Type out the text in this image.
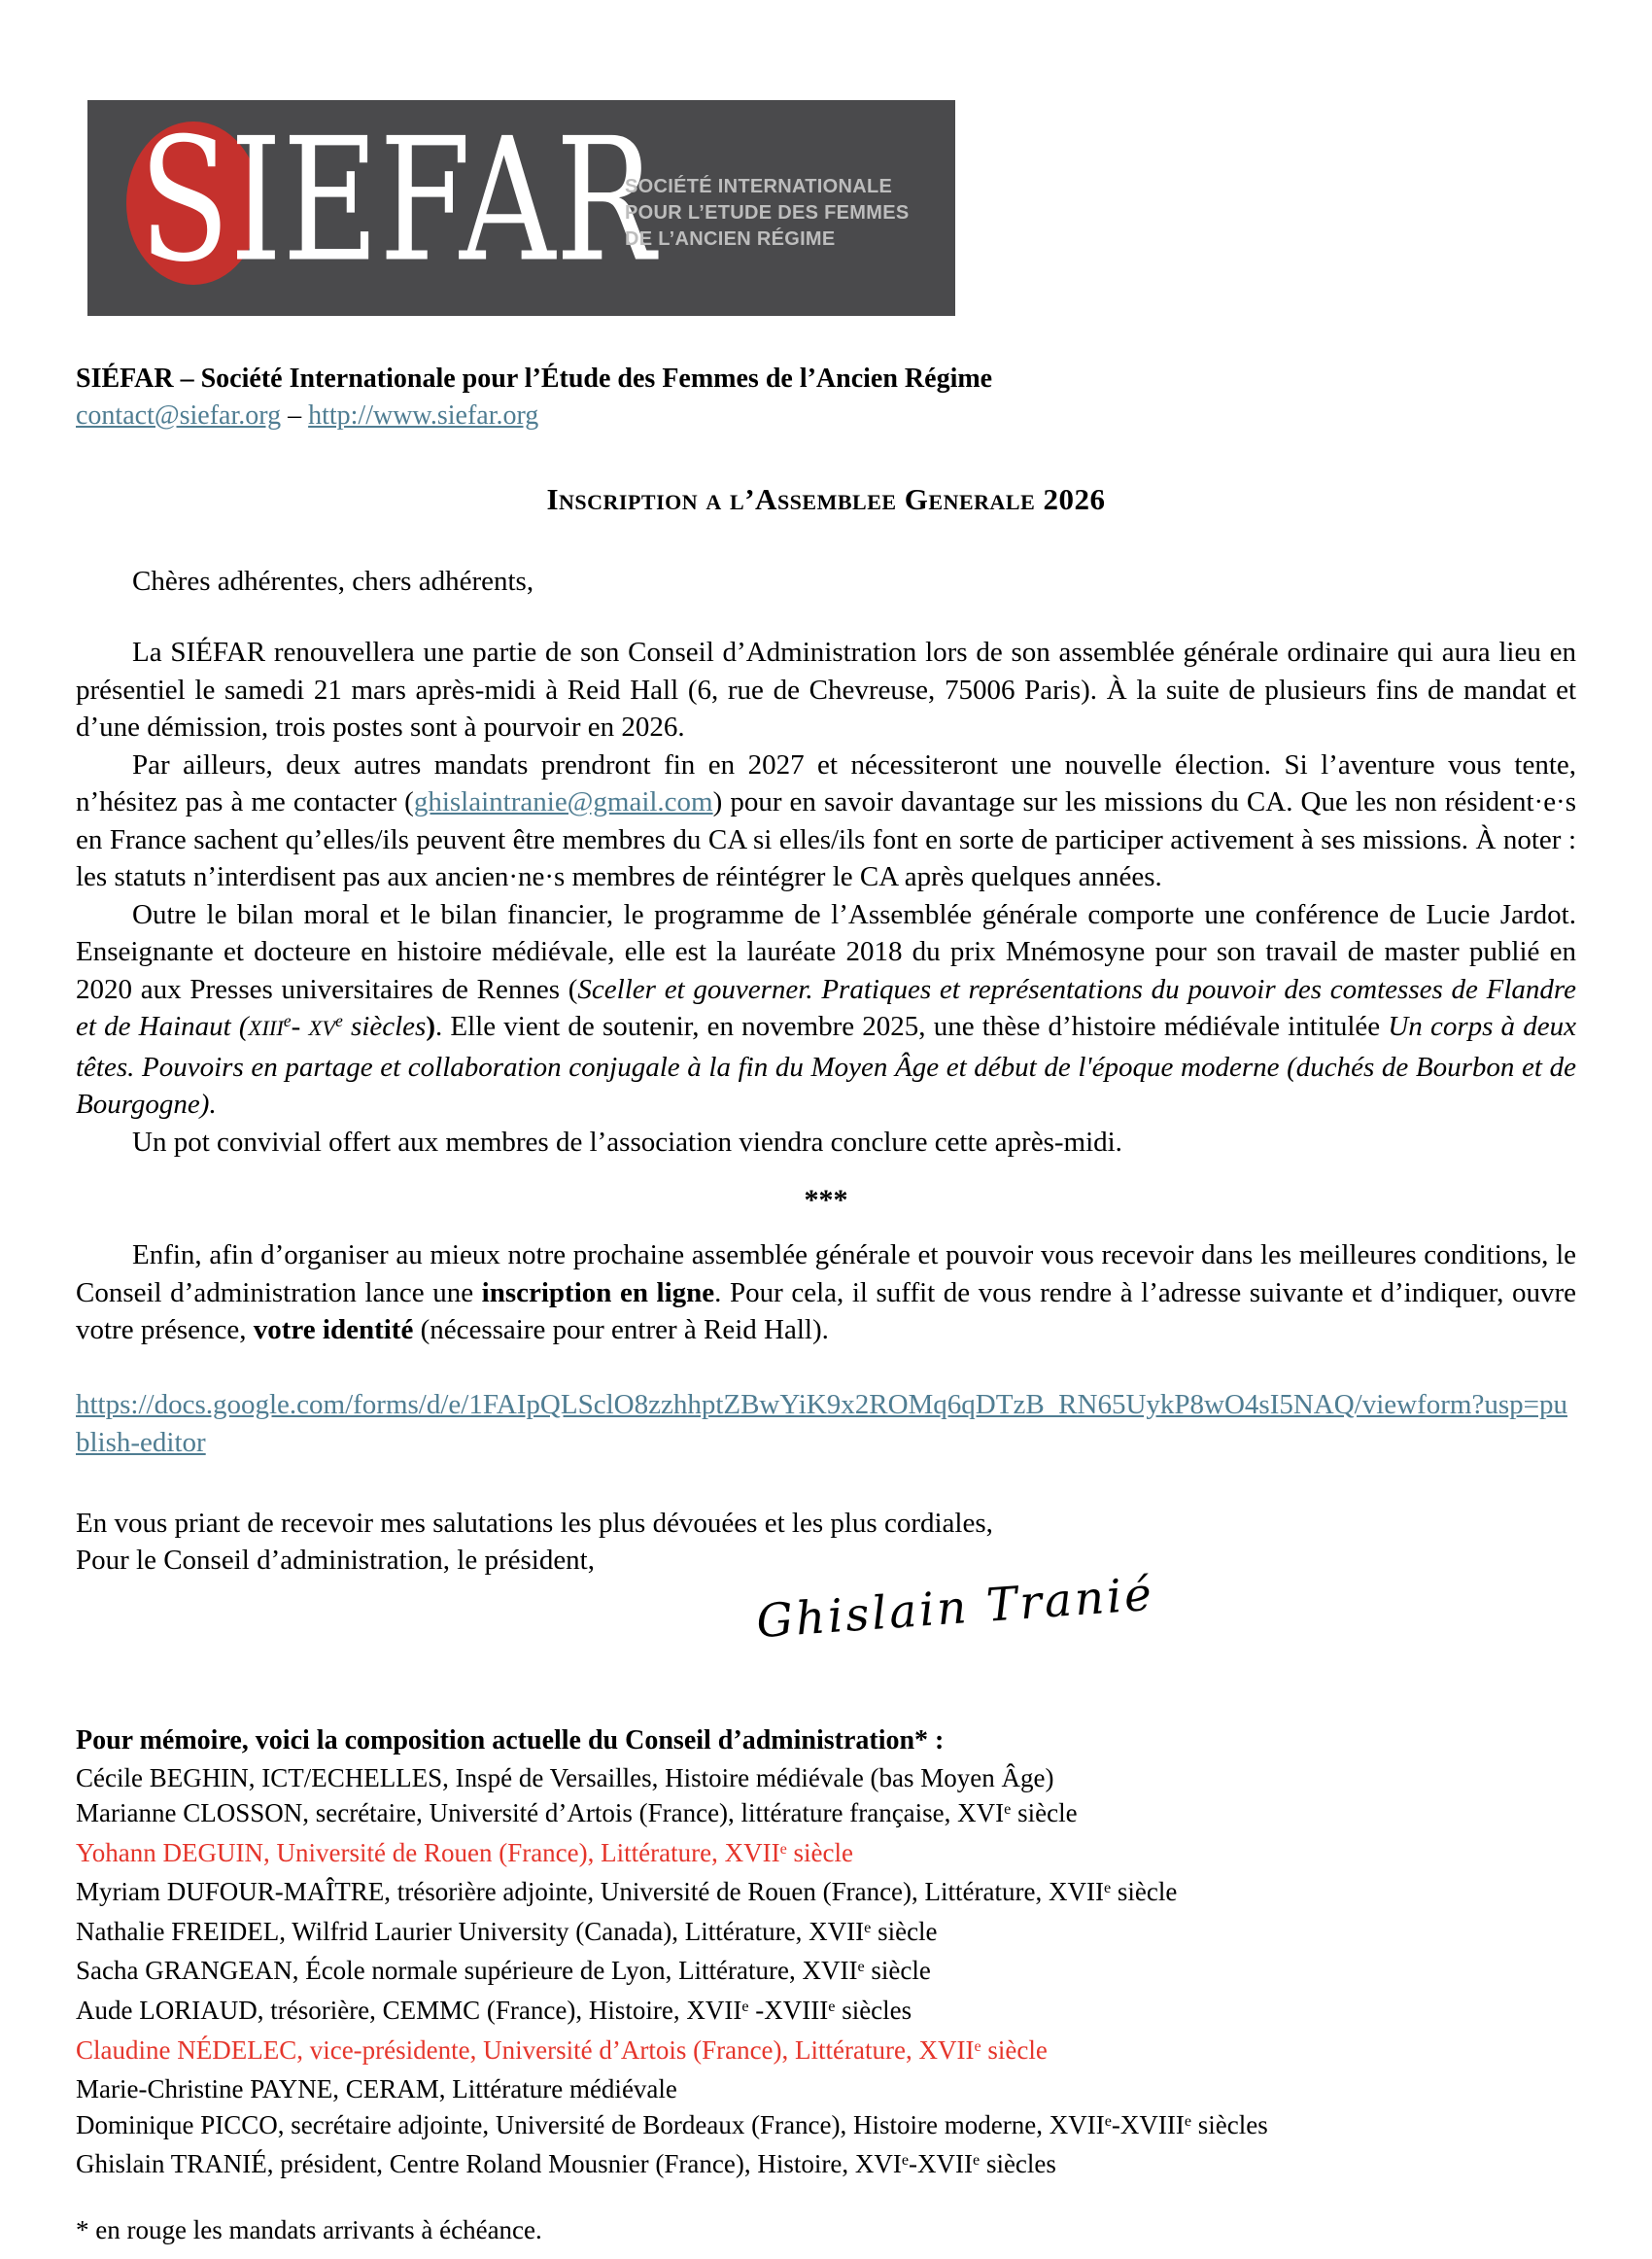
SIEFAR
SOCIÉTÉ INTERNATIONALE
POUR L’ETUDE DES FEMMES
DE L’ANCIEN RÉGIME
SIÉFAR – Société Internationale pour l’Étude des Femmes de l’Ancien Régime
contact@siefar.org – http://www.siefar.org
Inscription a l’Assemblee Generale 2026
Chères adhérentes, chers adhérents,

La SIÉFAR renouvellera une partie de son Conseil d’Administration lors de son assemblée générale ordinaire qui aura lieu en présentiel le samedi 21 mars après-midi à Reid Hall (6, rue de Chevreuse, 75006 Paris). À la suite de plusieurs fins de mandat et d’une démission, trois postes sont à pourvoir en 2026.

Par ailleurs, deux autres mandats prendront fin en 2027 et nécessiteront une nouvelle élection. Si l’aventure vous tente, n’hésitez pas à me contacter (ghislaintranie@gmail.com) pour en savoir davantage sur les missions du CA. Que les non résident·e·s en France sachent qu’elles/ils peuvent être membres du CA si elles/ils font en sorte de participer activement à ses missions. À noter : les statuts n’interdisent pas aux ancien·ne·s membres de réintégrer le CA après quelques années.

Outre le bilan moral et le bilan financier, le programme de l’Assemblée générale comporte une conférence de Lucie Jardot. Enseignante et docteure en histoire médiévale, elle est la lauréate 2018 du prix Mnémosyne pour son travail de master publié en 2020 aux Presses universitaires de Rennes (Sceller et gouverner. Pratiques et représentations du pouvoir des comtesses de Flandre et de Hainaut (XIIIe- XVe siècles). Elle vient de soutenir, en novembre 2025, une thèse d’histoire médiévale intitulée Un corps à deux têtes. Pouvoirs en partage et collaboration conjugale à la fin du Moyen Âge et début de l'époque moderne (duchés de Bourbon et de Bourgogne).

Un pot convivial offert aux membres de l’association viendra conclure cette après-midi.

***

Enfin, afin d’organiser au mieux notre prochaine assemblée générale et pouvoir vous recevoir dans les meilleures conditions, le Conseil d’administration lance une inscription en ligne. Pour cela, il suffit de vous rendre à l’adresse suivante et d’indiquer, ouvre votre présence, votre identité (nécessaire pour entrer à Reid Hall).

https://docs.google.com/forms/d/e/1FAIpQLSclO8zzhhptZBwYiK9x2ROMq6qDTzB_RN65UykP8wO4sI5NAQ/viewform?usp=publish-editor

En vous priant de recevoir mes salutations les plus dévouées et les plus cordiales,

Pour le Conseil d’administration, le président,

Ghislain Tranié
Pour mémoire, voici la composition actuelle du Conseil d’administration* :

Cécile BEGHIN, ICT/ECHELLES, Inspé de Versailles, Histoire médiévale (bas Moyen Âge)

Marianne CLOSSON, secrétaire, Université d’Artois (France), littérature française, XVIe siècle

Yohann DEGUIN, Université de Rouen (France), Littérature, XVIIe siècle

Myriam DUFOUR-MAÎTRE, trésorière adjointe, Université de Rouen (France), Littérature, XVIIe siècle

Nathalie FREIDEL, Wilfrid Laurier University (Canada), Littérature, XVIIe siècle

Sacha GRANGEAN, École normale supérieure de Lyon, Littérature, XVIIe siècle

Aude LORIAUD, trésorière, CEMMC (France), Histoire, XVIIe -XVIIIe siècles

Claudine NÉDELEC, vice-présidente, Université d’Artois (France), Littérature, XVIIe siècle

Marie-Christine PAYNE, CERAM, Littérature médiévale

Dominique PICCO, secrétaire adjointe, Université de Bordeaux (France), Histoire moderne, XVIIe-XVIIIe siècles

Ghislain TRANIÉ, président, Centre Roland Mousnier (France), Histoire, XVIe-XVIIe siècles

* en rouge les mandats arrivants à échéance.
